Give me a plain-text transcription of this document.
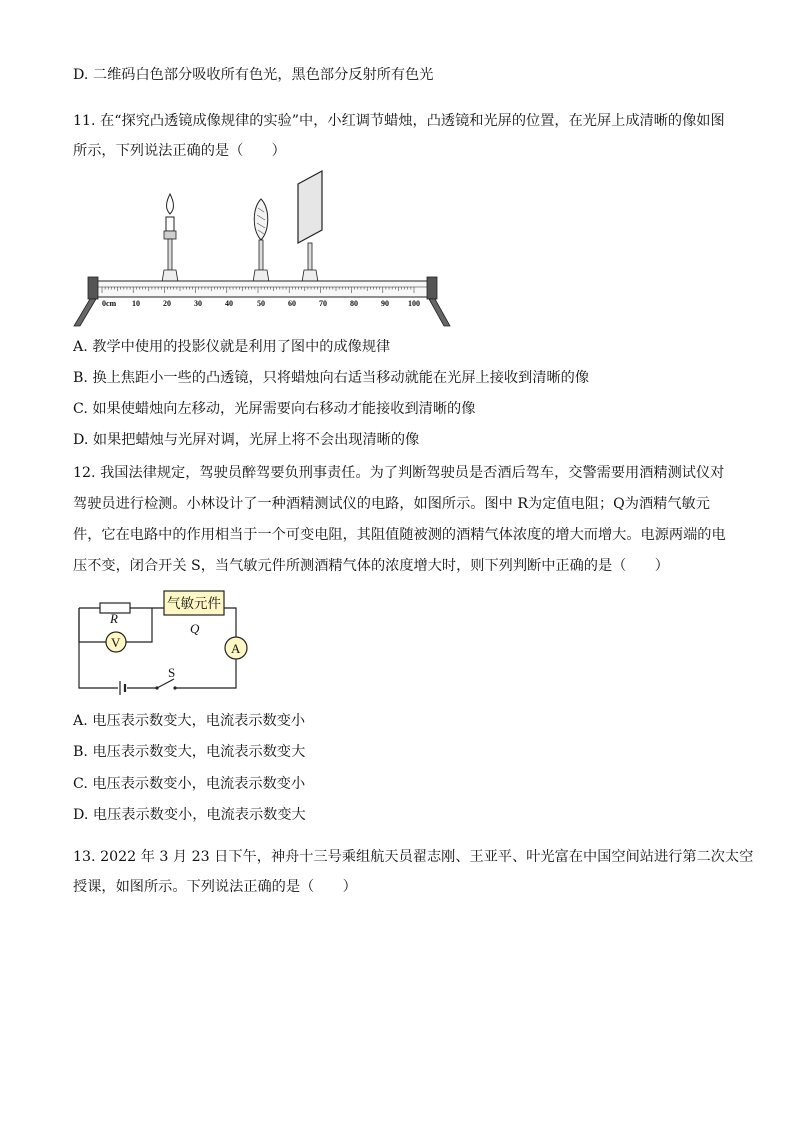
D. 二维码白色部分吸收所有色光，黑色部分反射所有色光
11. 在“探究凸透镜成像规律的实验”中，小红调节蜡烛，凸透镜和光屏的位置，在光屏上成清晰的像如图
所示，下列说法正确的是（　　）
0cm 10	20	30	40	50	60	70	80	90 100
A. 教学中使用的投影仪就是利用了图中的成像规律
B. 换上焦距小一些的凸透镜，只将蜡烛向右适当移动就能在光屏上接收到清晰的像
C. 如果使蜡烛向左移动，光屏需要向右移动才能接收到清晰的像
D. 如果把蜡烛与光屏对调，光屏上将不会出现清晰的像
12. 我国法律规定，驾驶员醉驾要负刑事责任。为了判断驾驶员是否酒后驾车，交警需要用酒精测试仪对
驾驶员进行检测。小林设计了一种酒精测试仪的电路，如图所示。图中 R为定值电阻；Q为酒精气敏元
件，它在电路中的作用相当于一个可变电阻，其阻值随被测的酒精气体浓度的增大而增大。电源两端的电
压不变，闭合开关 S，当气敏元件所测酒精气体的浓度增大时，则下列判断中正确的是（　　）
R
气敏元件
Q
V	A
S
A. 电压表示数变大，电流表示数变小
B. 电压表示数变大，电流表示数变大
C. 电压表示数变小，电流表示数变小
D. 电压表示数变小，电流表示数变大
13. 2022 年 3 月 23 日下午，神舟十三号乘组航天员翟志刚、王亚平、叶光富在中国空间站进行第二次太空
授课，如图所示。下列说法正确的是（　　）
